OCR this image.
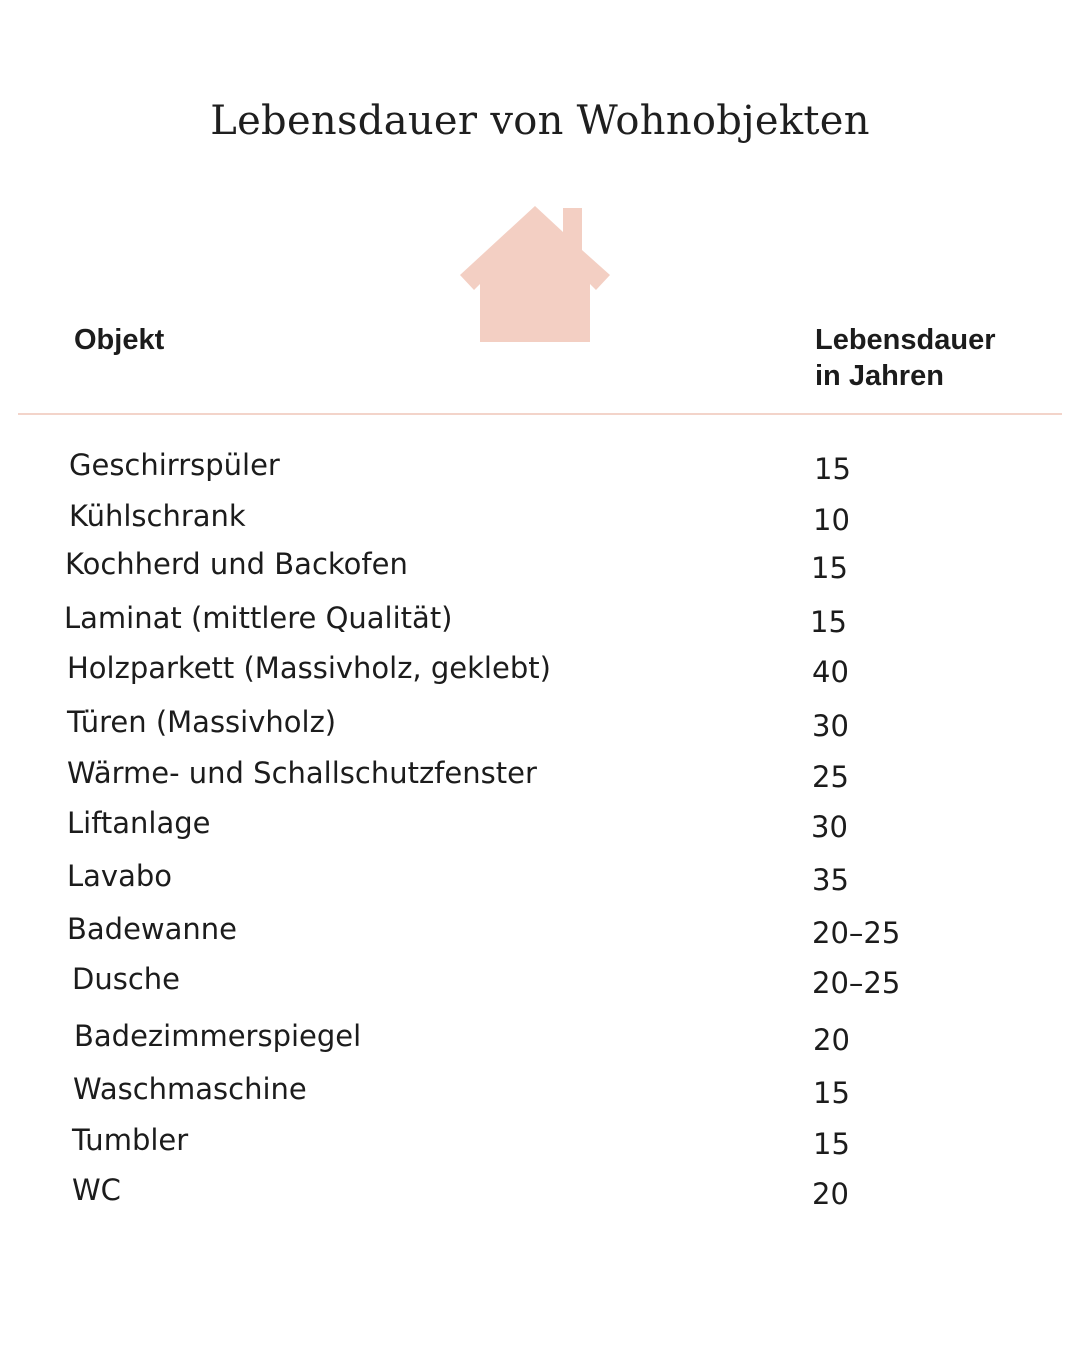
Lebensdauer von Wohnobjekten
Objekt	Lebensdauer
in Jahren
Geschirrspüler	15
Kühlschrank	10
Kochherd und Backofen	15
Laminat (mittlere Qualität)	15
Holzparkett (Massivholz, geklebt)	40
Türen (Massivholz)	30
Wärme- und Schallschutzfenster	25
Liftanlage	30
Lavabo	35
Badewanne	20–25
Dusche	20–25
Badezimmerspiegel	20
Waschmaschine	15
Tumbler	15
WC	20
